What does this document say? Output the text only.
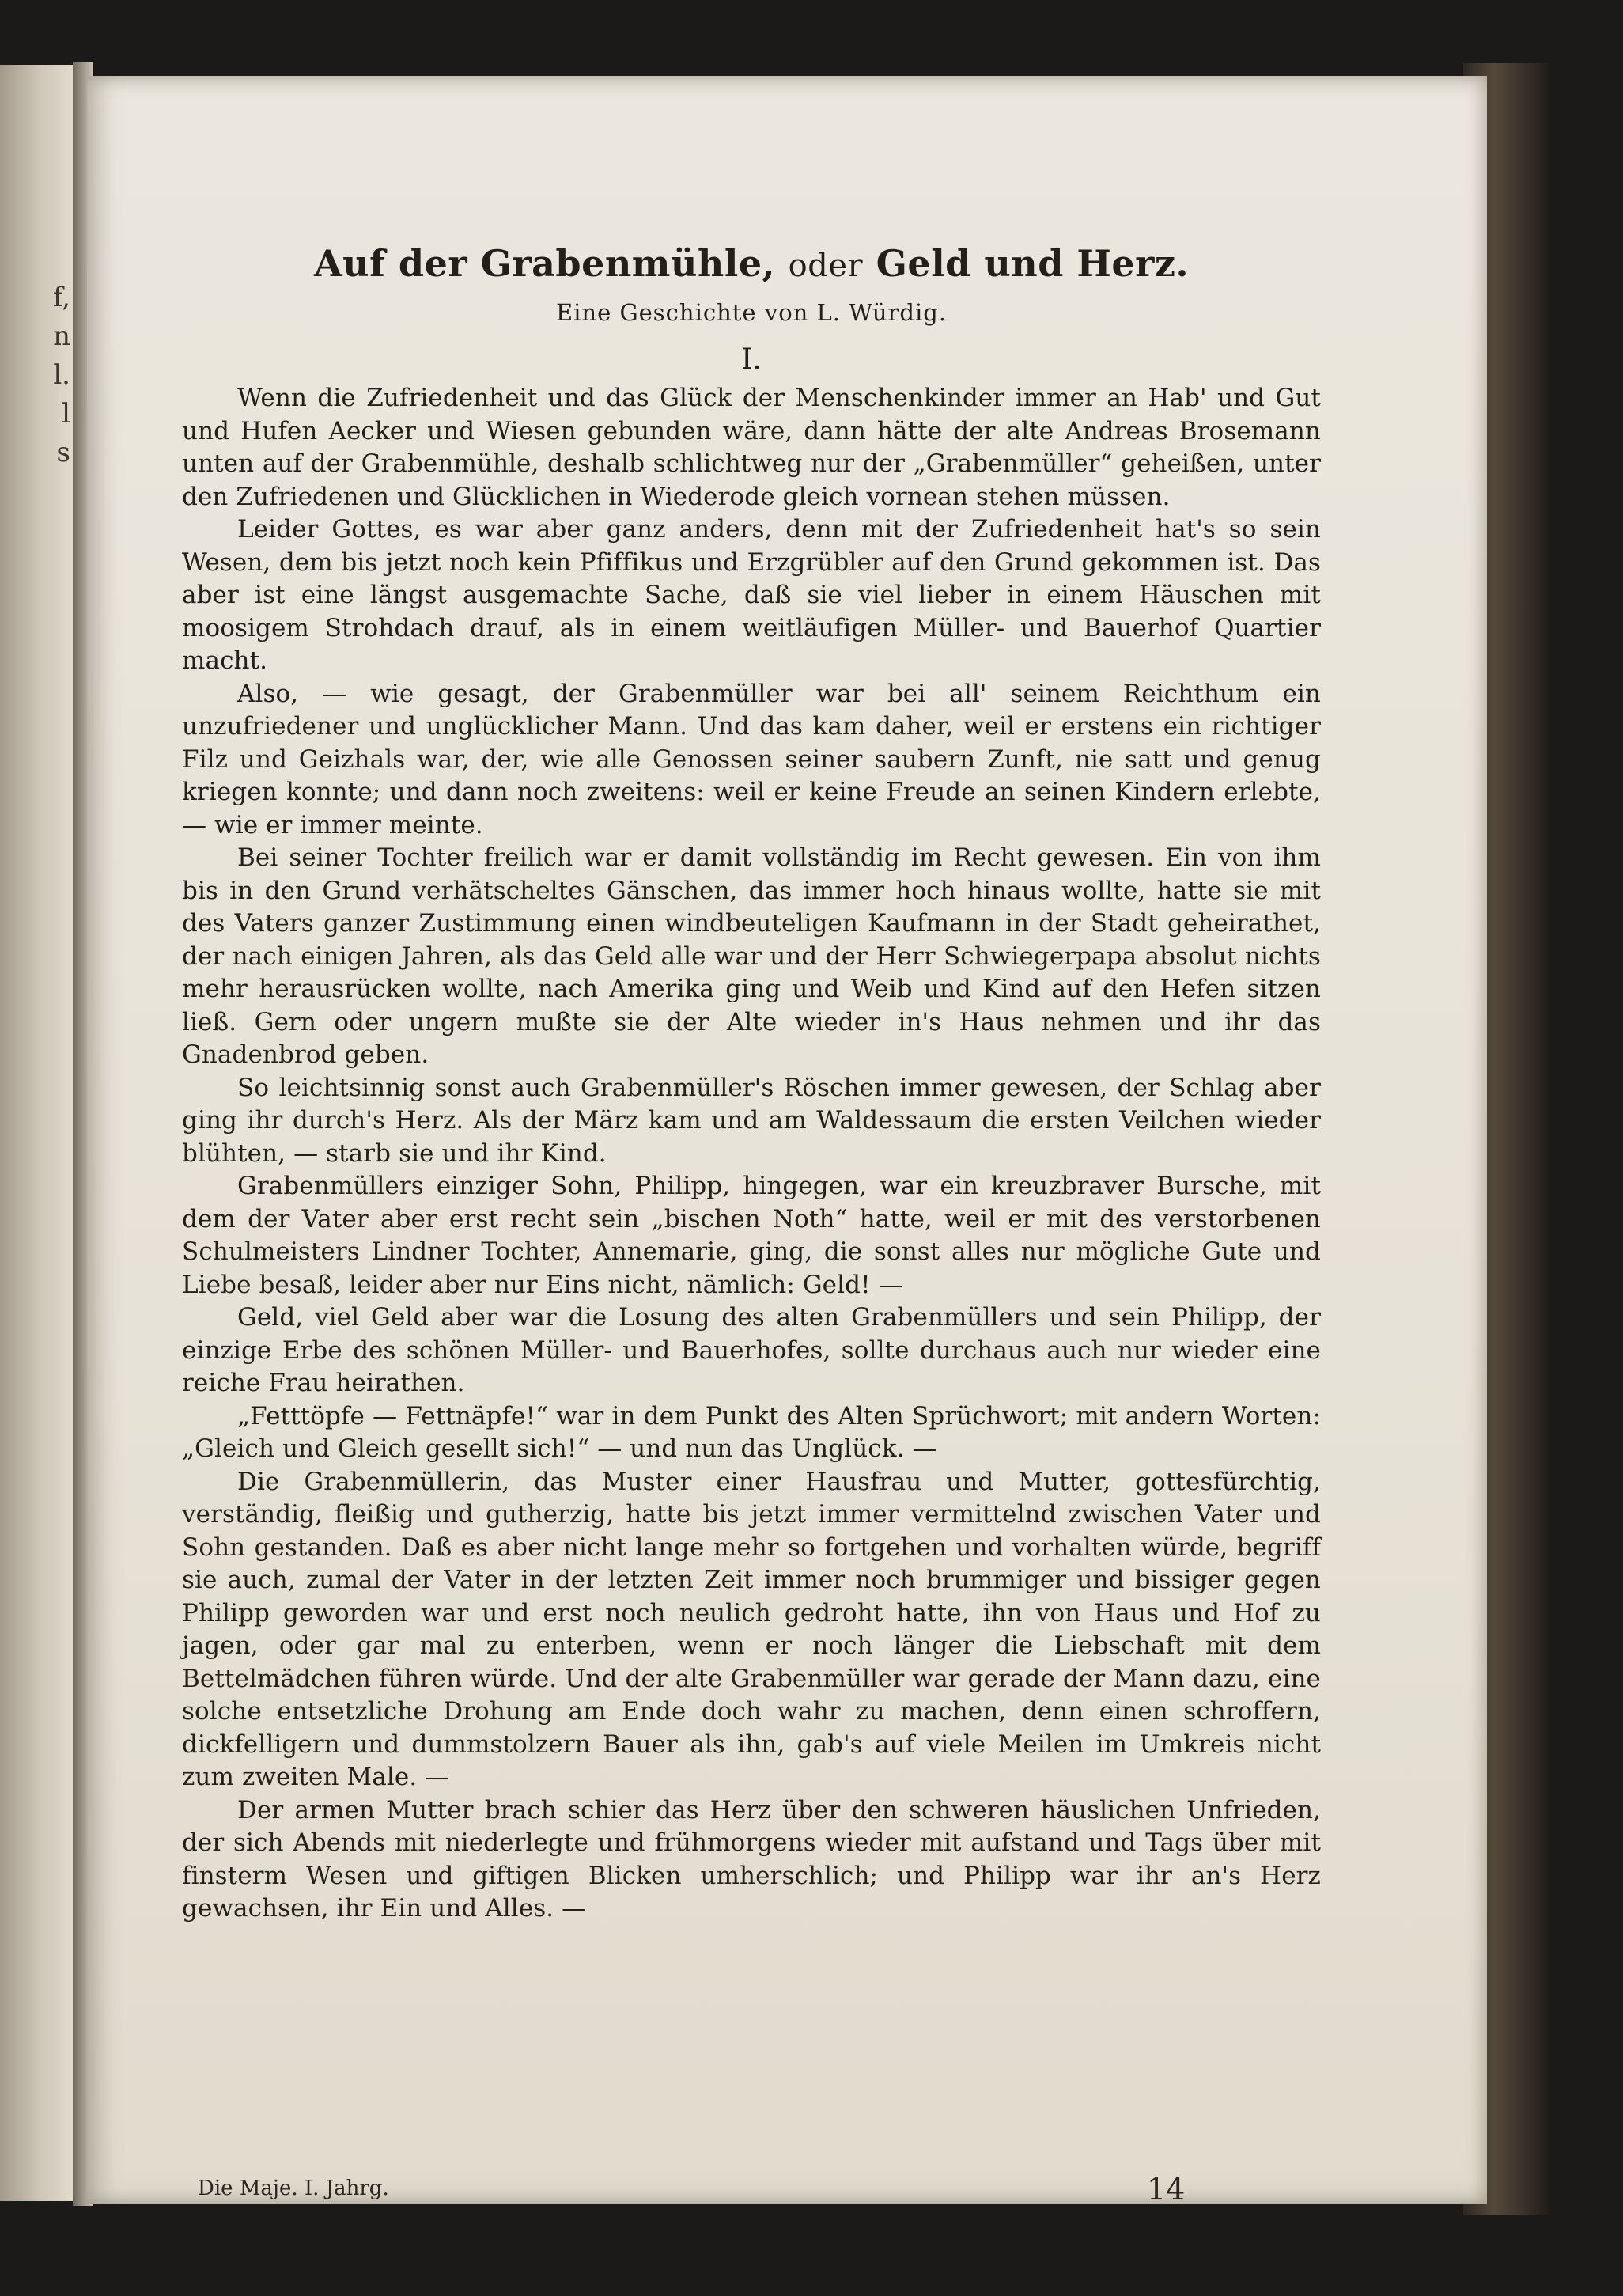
f,
n
l.
l
s
Auf der Grabenmühle, oder Geld und Herz.
Eine Geschichte von L. Würdig.
I.

Wenn die Zufriedenheit und das Glück der Menschenkinder immer an Hab' und Gut und Hufen Aecker und Wiesen gebunden wäre, dann hätte der alte Andreas Brosemann unten auf der Grabenmühle, deshalb schlichtweg nur der „Grabenmüller“ geheißen, unter den Zufriedenen und Glücklichen in Wiederode gleich vornean stehen müssen.

Leider Gottes, es war aber ganz anders, denn mit der Zufriedenheit hat's so sein Wesen, dem bis jetzt noch kein Pfiffikus und Erzgrübler auf den Grund gekommen ist. Das aber ist eine längst ausgemachte Sache, daß sie viel lieber in einem Häuschen mit moosigem Strohdach drauf, als in einem weitläufigen Müller- und Bauerhof Quartier macht.

Also, — wie gesagt, der Grabenmüller war bei all' seinem Reichthum ein unzufriedener und unglücklicher Mann. Und das kam daher, weil er erstens ein richtiger Filz und Geizhals war, der, wie alle Genossen seiner saubern Zunft, nie satt und genug kriegen konnte; und dann noch zweitens: weil er keine Freude an seinen Kindern erlebte, — wie er immer meinte.

Bei seiner Tochter freilich war er damit vollständig im Recht gewesen. Ein von ihm bis in den Grund verhätscheltes Gänschen, das immer hoch hinaus wollte, hatte sie mit des Vaters ganzer Zustimmung einen windbeuteligen Kaufmann in der Stadt geheirathet, der nach einigen Jahren, als das Geld alle war und der Herr Schwiegerpapa absolut nichts mehr herausrücken wollte, nach Amerika ging und Weib und Kind auf den Hefen sitzen ließ. Gern oder ungern mußte sie der Alte wieder in's Haus nehmen und ihr das Gnadenbrod geben.

So leichtsinnig sonst auch Grabenmüller's Röschen immer gewesen, der Schlag aber ging ihr durch's Herz. Als der März kam und am Waldessaum die ersten Veilchen wieder blühten, — starb sie und ihr Kind.

Grabenmüllers einziger Sohn, Philipp, hingegen, war ein kreuzbraver Bursche, mit dem der Vater aber erst recht sein „bischen Noth“ hatte, weil er mit des verstorbenen Schulmeisters Lindner Tochter, Annemarie, ging, die sonst alles nur mögliche Gute und Liebe besaß, leider aber nur Eins nicht, nämlich: Geld! —

Geld, viel Geld aber war die Losung des alten Grabenmüllers und sein Philipp, der einzige Erbe des schönen Müller- und Bauerhofes, sollte durchaus auch nur wieder eine reiche Frau heirathen.

„Fetttöpfe — Fettnäpfe!“ war in dem Punkt des Alten Sprüchwort; mit andern Worten: „Gleich und Gleich gesellt sich!“ — und nun das Unglück. —

Die Grabenmüllerin, das Muster einer Hausfrau und Mutter, gottesfürchtig, verständig, fleißig und gutherzig, hatte bis jetzt immer vermittelnd zwischen Vater und Sohn gestanden. Daß es aber nicht lange mehr so fortgehen und vorhalten würde, begriff sie auch, zumal der Vater in der letzten Zeit immer noch brummiger und bissiger gegen Philipp geworden war und erst noch neulich gedroht hatte, ihn von Haus und Hof zu jagen, oder gar mal zu enterben, wenn er noch länger die Liebschaft mit dem Bettelmädchen führen würde. Und der alte Grabenmüller war gerade der Mann dazu, eine solche entsetzliche Drohung am Ende doch wahr zu machen, denn einen schroffern, dickfelligern und dummstolzern Bauer als ihn, gab's auf viele Meilen im Umkreis nicht zum zweiten Male. —

Der armen Mutter brach schier das Herz über den schweren häuslichen Unfrieden, der sich Abends mit niederlegte und frühmorgens wieder mit aufstand und Tags über mit finsterm Wesen und giftigen Blicken umherschlich; und Philipp war ihr an's Herz gewachsen, ihr Ein und Alles. —

Die Maje. I. Jahrg.	14
